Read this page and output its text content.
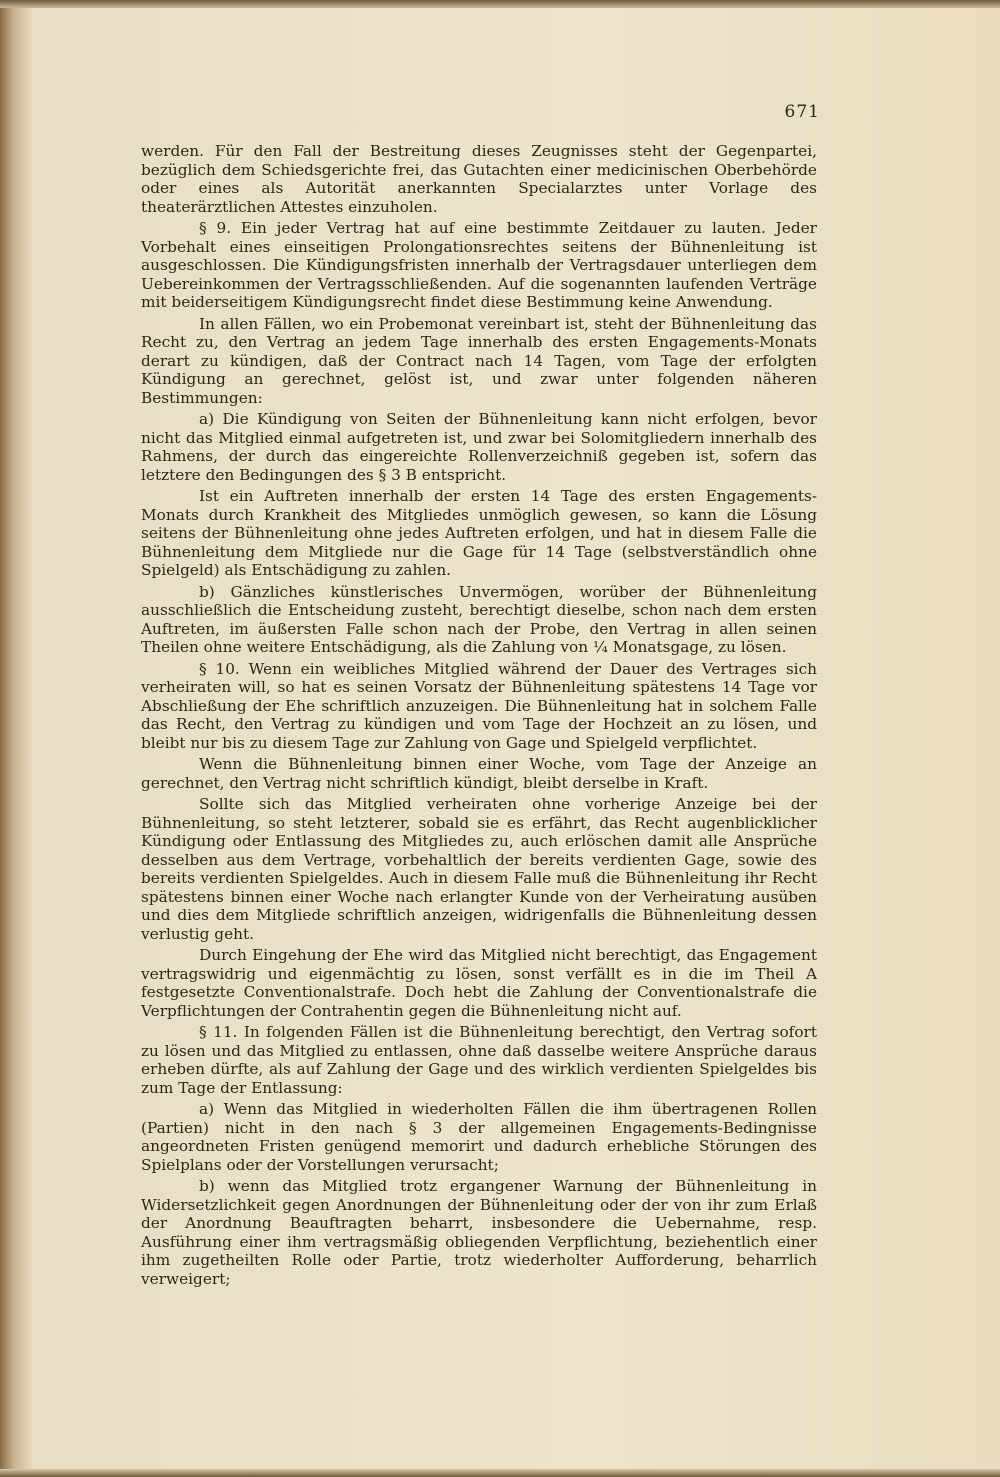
671

werden. Für den Fall der Bestreitung dieses Zeugnisses steht der Gegenpartei, bezüglich dem Schiedsgerichte frei, das Gutachten einer medicinischen Oberbehörde oder eines als Autorität anerkannten Specialarztes unter Vorlage des theaterärztlichen Attestes einzuholen.

§ 9. Ein jeder Vertrag hat auf eine bestimmte Zeitdauer zu lauten. Jeder Vorbehalt eines einseitigen Prolongationsrechtes seitens der Bühnenleitung ist ausgeschlossen. Die Kündigungsfristen innerhalb der Vertragsdauer unterliegen dem Uebereinkommen der Vertragsschließenden. Auf die sogenannten laufenden Verträge mit beiderseitigem Kündigungsrecht findet diese Bestimmung keine Anwendung.

In allen Fällen, wo ein Probemonat vereinbart ist, steht der Bühnenleitung das Recht zu, den Vertrag an jedem Tage innerhalb des ersten Engagements-Monats derart zu kündigen, daß der Contract nach 14 Tagen, vom Tage der erfolgten Kündigung an gerechnet, gelöst ist, und zwar unter folgenden näheren Bestimmungen:

a) Die Kündigung von Seiten der Bühnenleitung kann nicht erfolgen, bevor nicht das Mitglied einmal aufgetreten ist, und zwar bei Solomitgliedern innerhalb des Rahmens, der durch das eingereichte Rollenverzeichniß gegeben ist, sofern das letztere den Bedingungen des § 3 B entspricht.

Ist ein Auftreten innerhalb der ersten 14 Tage des ersten Engagements-Monats durch Krankheit des Mitgliedes unmöglich gewesen, so kann die Lösung seitens der Bühnenleitung ohne jedes Auftreten erfolgen, und hat in diesem Falle die Bühnenleitung dem Mitgliede nur die Gage für 14 Tage (selbstverständlich ohne Spielgeld) als Entschädigung zu zahlen.

b) Gänzliches künstlerisches Unvermögen, worüber der Bühnenleitung ausschließlich die Entscheidung zusteht, berechtigt dieselbe, schon nach dem ersten Auftreten, im äußersten Falle schon nach der Probe, den Vertrag in allen seinen Theilen ohne weitere Entschädigung, als die Zahlung von ¼ Monatsgage, zu lösen.

§ 10. Wenn ein weibliches Mitglied während der Dauer des Vertrages sich verheiraten will, so hat es seinen Vorsatz der Bühnenleitung spätestens 14 Tage vor Abschließung der Ehe schriftlich anzuzeigen. Die Bühnenleitung hat in solchem Falle das Recht, den Vertrag zu kündigen und vom Tage der Hochzeit an zu lösen, und bleibt nur bis zu diesem Tage zur Zahlung von Gage und Spielgeld verpflichtet.

Wenn die Bühnenleitung binnen einer Woche, vom Tage der Anzeige an gerechnet, den Vertrag nicht schriftlich kündigt, bleibt derselbe in Kraft.

Sollte sich das Mitglied verheiraten ohne vorherige Anzeige bei der Bühnenleitung, so steht letzterer, sobald sie es erfährt, das Recht augenblicklicher Kündigung oder Entlassung des Mitgliedes zu, auch erlöschen damit alle Ansprüche desselben aus dem Vertrage, vorbehaltlich der bereits verdienten Gage, sowie des bereits verdienten Spielgeldes. Auch in diesem Falle muß die Bühnenleitung ihr Recht spätestens binnen einer Woche nach erlangter Kunde von der Verheiratung ausüben und dies dem Mitgliede schriftlich anzeigen, widrigenfalls die Bühnenleitung dessen verlustig geht.

Durch Eingehung der Ehe wird das Mitglied nicht berechtigt, das Engagement vertragswidrig und eigenmächtig zu lösen, sonst verfällt es in die im Theil A festgesetzte Conventionalstrafe. Doch hebt die Zahlung der Conventionalstrafe die Verpflichtungen der Contrahentin gegen die Bühnenleitung nicht auf.

§ 11. In folgenden Fällen ist die Bühnenleitung berechtigt, den Vertrag sofort zu lösen und das Mitglied zu entlassen, ohne daß dasselbe weitere Ansprüche daraus erheben dürfte, als auf Zahlung der Gage und des wirklich verdienten Spielgeldes bis zum Tage der Entlassung:

a) Wenn das Mitglied in wiederholten Fällen die ihm übertragenen Rollen (Partien) nicht in den nach § 3 der allgemeinen Engagements-Bedingnisse angeordneten Fristen genügend memorirt und dadurch erhebliche Störungen des Spielplans oder der Vorstellungen verursacht;

b) wenn das Mitglied trotz ergangener Warnung der Bühnenleitung in Widersetzlichkeit gegen Anordnungen der Bühnenleitung oder der von ihr zum Erlaß der Anordnung Beauftragten beharrt, insbesondere die Uebernahme, resp. Ausführung einer ihm vertragsmäßig obliegenden Verpflichtung, beziehentlich einer ihm zugetheilten Rolle oder Partie, trotz wiederholter Aufforderung, beharrlich verweigert;
